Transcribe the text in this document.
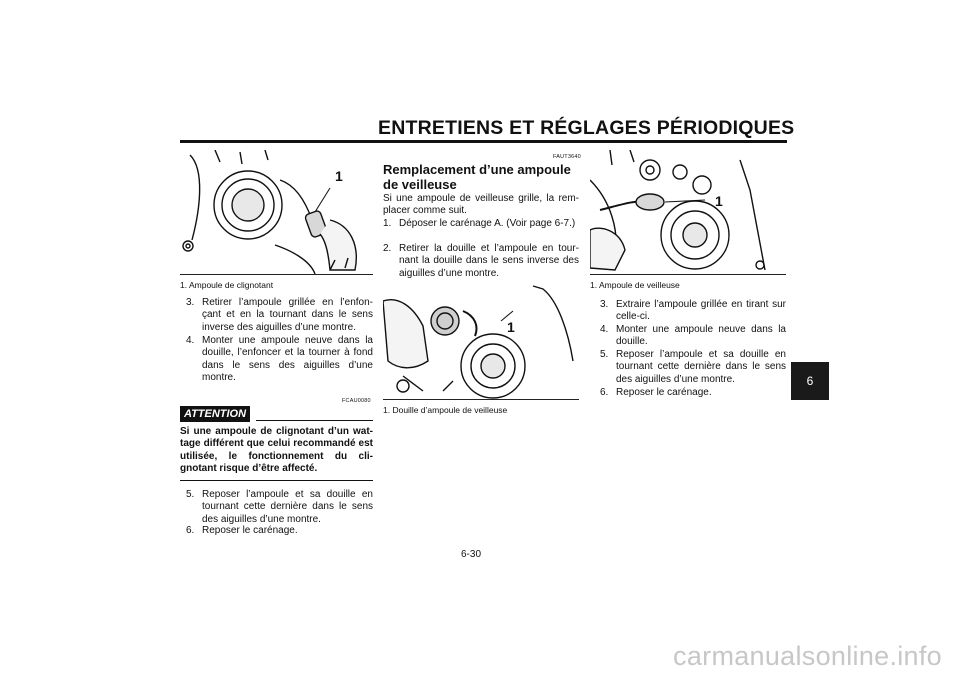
ENTRETIENS ET RÉGLAGES PÉRIODIQUES
6
1
1. Ampoule de clignotant
3. Retirer l’ampoule grillée en l’enfon-çant et en la tournant dans le sens inverse des aiguilles d’une montre.
4. Monter une ampoule neuve dans la douille, l’enfoncer et la tourner à fond dans le sens des aiguilles d’une montre.
FCAU0080
ATTENTION
Si une ampoule de clignotant d’un wat-tage différent que celui recommandé est utilisée, le fonctionnement du cli-gnotant risque d’être affecté.
5. Reposer l’ampoule et sa douille en tournant cette dernière dans le sens des aiguilles d’une montre.
6. Reposer le carénage.
FAUT3640
Remplacement d’une ampoule de veilleuse
Si une ampoule de veilleuse grille, la rem-placer comme suit.
1. Déposer le carénage A. (Voir page 6-7.)
2. Retirer la douille et l’ampoule en tour-nant la douille dans le sens inverse des aiguilles d’une montre.
1
1. Douille d’ampoule de veilleuse
1
1. Ampoule de veilleuse
3. Extraire l’ampoule grillée en tirant sur celle-ci.
4. Monter une ampoule neuve dans la douille.
5. Reposer l’ampoule et sa douille en tournant cette dernière dans le sens des aiguilles d’une montre.
6. Reposer le carénage.
6-30
carmanualsonline.info
